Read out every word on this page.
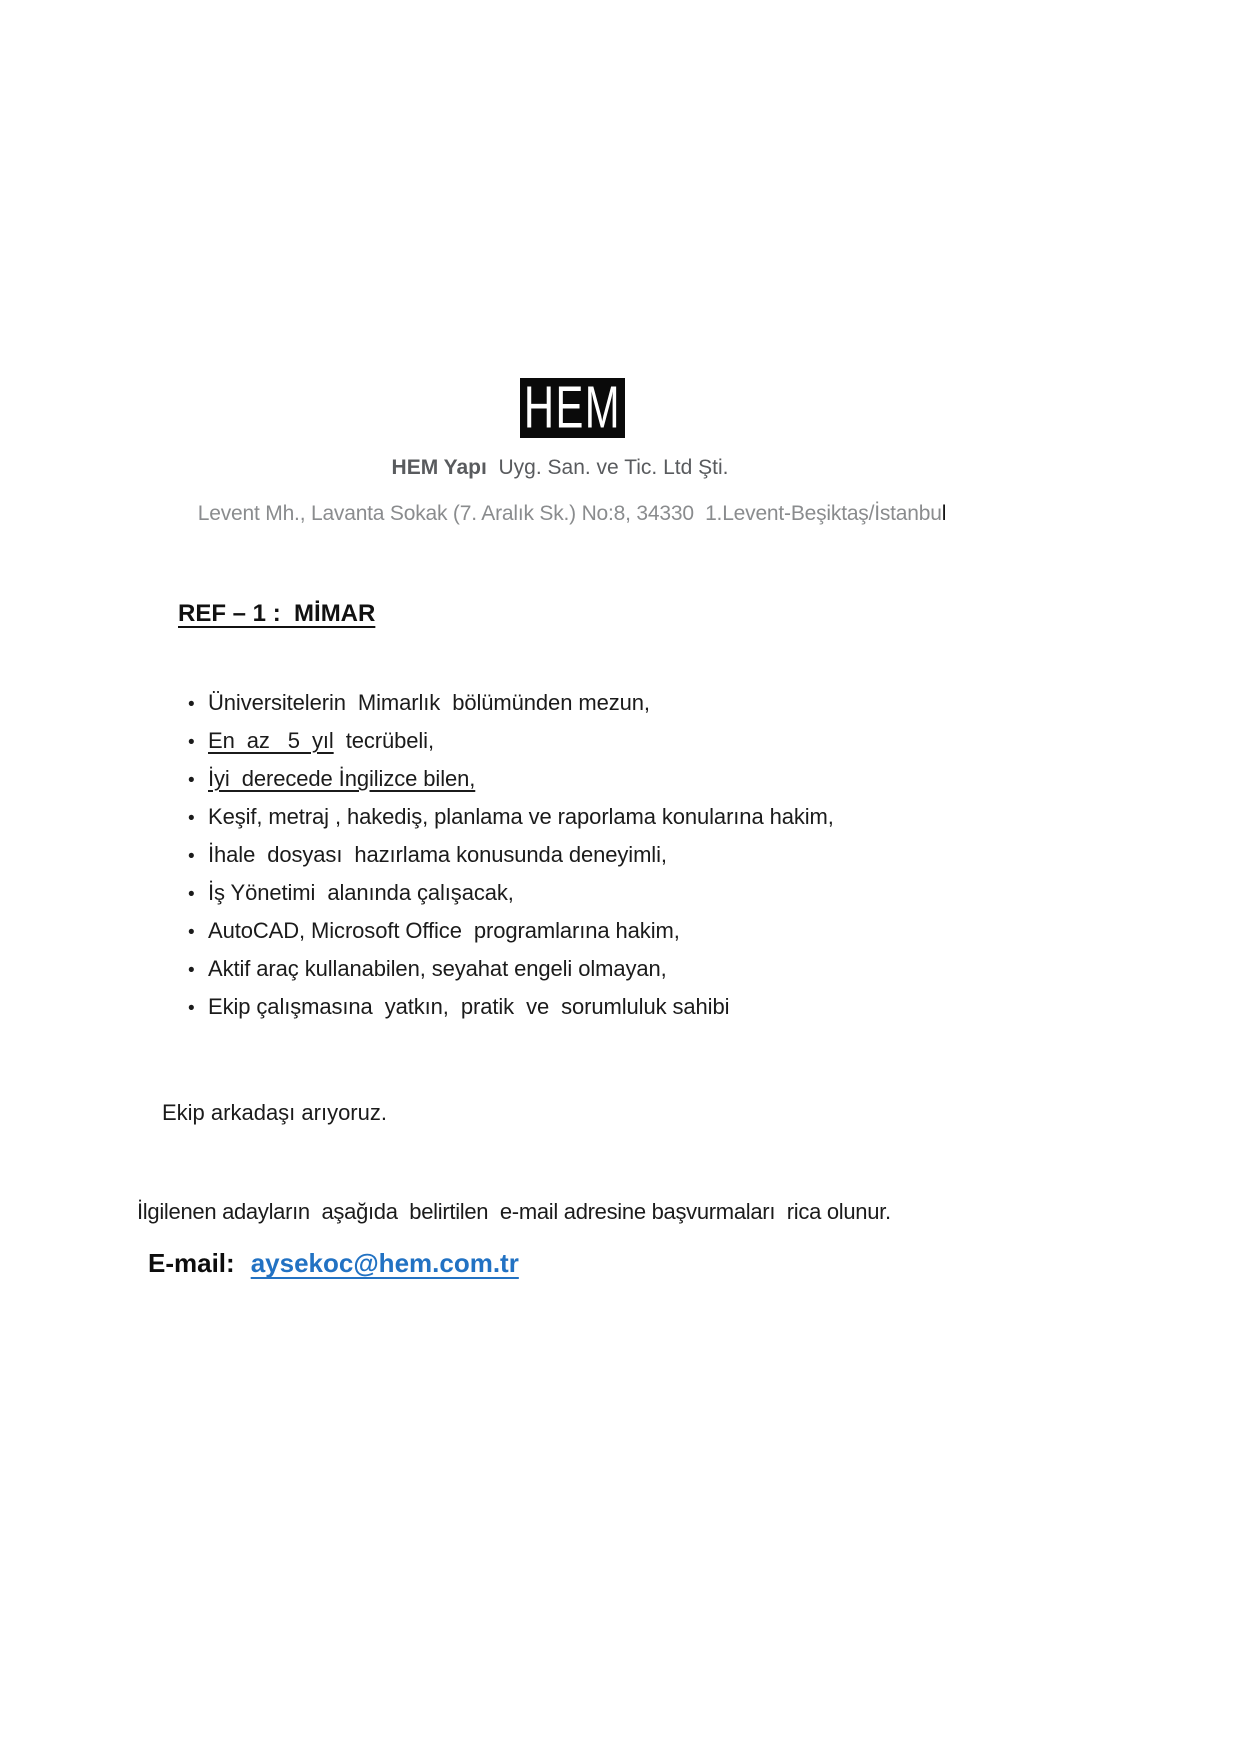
HEM
HEM Yapı  Uyg. San. ve Tic. Ltd Şti.
Levent Mh., Lavanta Sokak (7. Aralık Sk.) No:8, 34330  1.Levent-Beşiktaş/İstanbul
REF – 1 :  MİMAR
• Üniversitelerin  Mimarlık  bölümünden mezun,
• En  az   5  yıl tecrübeli,
• İyi  derecede İngilizce bilen,
• Keşif, metraj , hakediş, planlama ve raporlama konularına hakim,
• İhale  dosyası  hazırlama konusunda deneyimli,
• İş Yönetimi  alanında çalışacak,
• AutoCAD, Microsoft Office  programlarına hakim,
• Aktif araç kullanabilen, seyahat engeli olmayan,
• Ekip çalışmasına  yatkın,  pratik  ve  sorumluluk sahibi
Ekip arkadaşı arıyoruz.
İlgilenen adayların  aşağıda  belirtilen  e-mail adresine başvurmaları  rica olunur.
E-mail: aysekoc@hem.com.tr
